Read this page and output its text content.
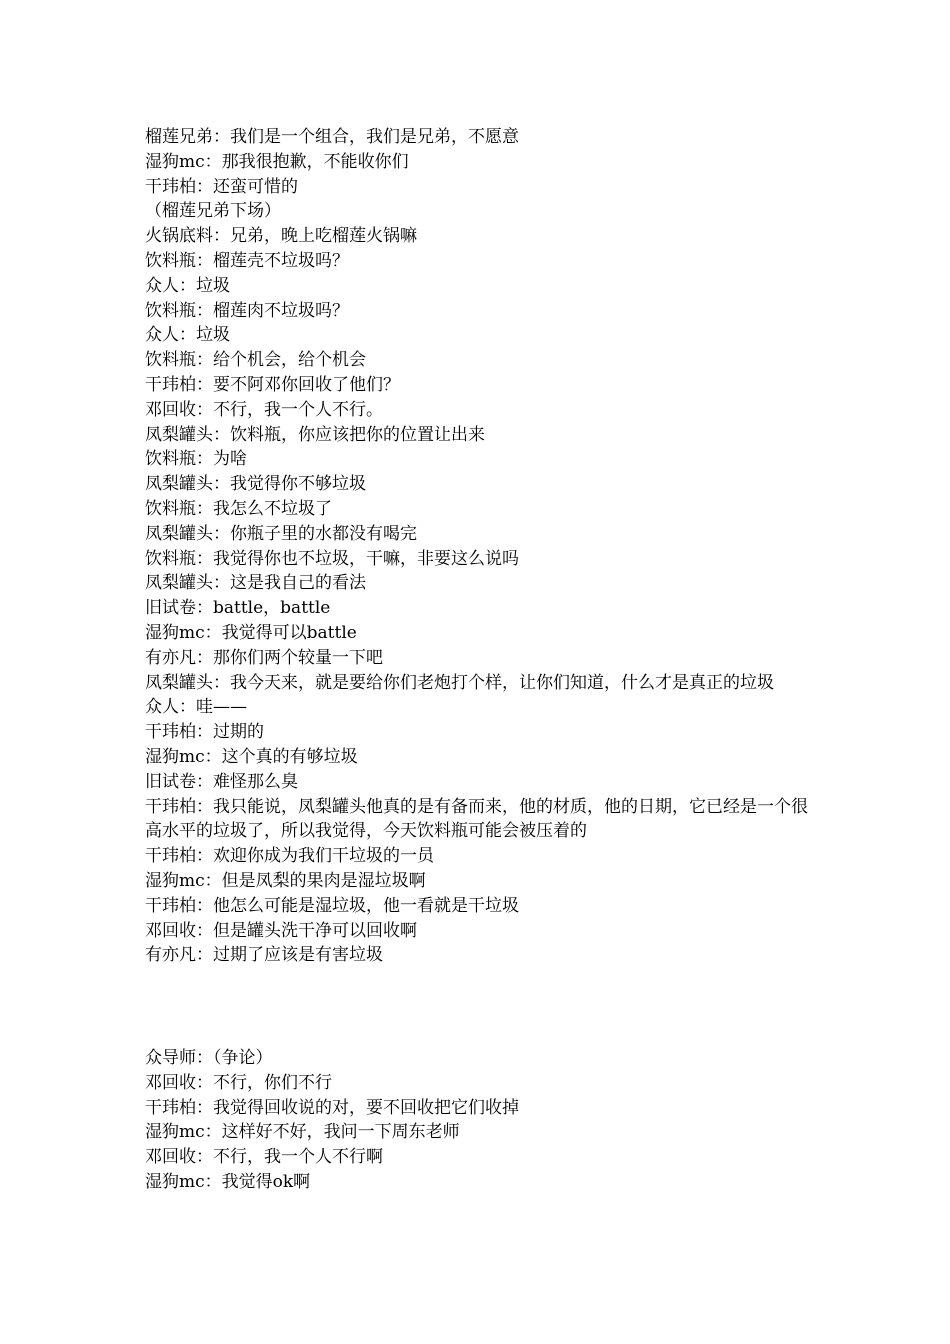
榴莲兄弟：我们是一个组合，我们是兄弟，不愿意

湿狗mc：那我很抱歉，不能收你们

干玮柏：还蛮可惜的

（榴莲兄弟下场）

火锅底料：兄弟，晚上吃榴莲火锅嘛

饮料瓶：榴莲壳不垃圾吗？

众人：垃圾

饮料瓶：榴莲肉不垃圾吗？

众人：垃圾

饮料瓶：给个机会，给个机会

干玮柏：要不阿邓你回收了他们？

邓回收：不行，我一个人不行。

凤梨罐头：饮料瓶，你应该把你的位置让出来

饮料瓶：为啥

凤梨罐头：我觉得你不够垃圾

饮料瓶：我怎么不垃圾了

凤梨罐头：你瓶子里的水都没有喝完

饮料瓶：我觉得你也不垃圾，干嘛，非要这么说吗

凤梨罐头：这是我自己的看法

旧试卷：battle，battle

湿狗mc：我觉得可以battle

有亦凡：那你们两个较量一下吧

凤梨罐头：我今天来，就是要给你们老炮打个样，让你们知道，什么才是真正的垃圾

众人：哇——

干玮柏：过期的

湿狗mc：这个真的有够垃圾

旧试卷：难怪那么臭

干玮柏：我只能说，凤梨罐头他真的是有备而来，他的材质，他的日期，它已经是一个很高水平的垃圾了，所以我觉得，今天饮料瓶可能会被压着的

干玮柏：欢迎你成为我们干垃圾的一员

湿狗mc：但是凤梨的果肉是湿垃圾啊

干玮柏：他怎么可能是湿垃圾，他一看就是干垃圾

邓回收：但是罐头洗干净可以回收啊

有亦凡：过期了应该是有害垃圾

众导师：（争论）

邓回收：不行，你们不行

干玮柏：我觉得回收说的对，要不回收把它们收掉

湿狗mc：这样好不好，我问一下周东老师

邓回收：不行，我一个人不行啊

湿狗mc：我觉得ok啊
